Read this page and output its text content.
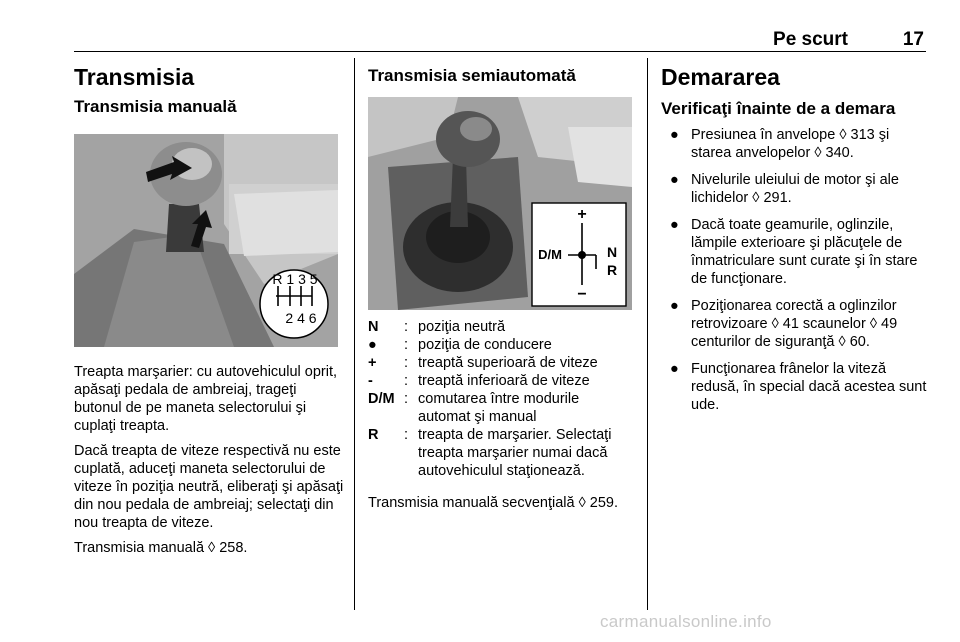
Pe scurt	17
Transmisia
Transmisia manuală
R 1 3 5
2 4 6
Treapta marşarier: cu autovehiculul oprit, apăsaţi pedala de ambreiaj, trageţi butonul de pe maneta selectorului şi cuplaţi treapta.
Dacă treapta de viteze respectivă nu este cuplată, aduceţi maneta selectorului de viteze în poziţia neutră, eliberaţi şi apăsaţi din nou pedala de ambreiaj; selectaţi din nou treapta de viteze.
Transmisia manuală ◊ 258.
Transmisia semiautomată
+
−
D/M	N
R
N	: poziţia neutră
●	: poziţia de conducere
+	: treaptă superioară de viteze
-	: treaptă inferioară de viteze
D/M : comutarea între modurile automat şi manual
R	: treapta de marşarier. Selectaţi treapta marşarier numai dacă autovehiculul staţionează.
Transmisia manuală secvenţială ◊ 259.
Demararea
Verificaţi înainte de a demara
● Presiunea în anvelope ◊ 313 şi starea anvelopelor ◊ 340.
● Nivelurile uleiului de motor şi ale lichidelor ◊ 291.
● Dacă toate geamurile, oglinzile, lămpile exterioare şi plăcuţele de înmatriculare sunt curate şi în stare de funcţionare.
● Poziţionarea corectă a oglinzilor retrovizoare ◊ 41 scaunelor ◊ 49 centurilor de siguranţă ◊ 60.
● Funcţionarea frânelor la viteză redusă, în special dacă acestea sunt ude.
carmanualsonline.info
